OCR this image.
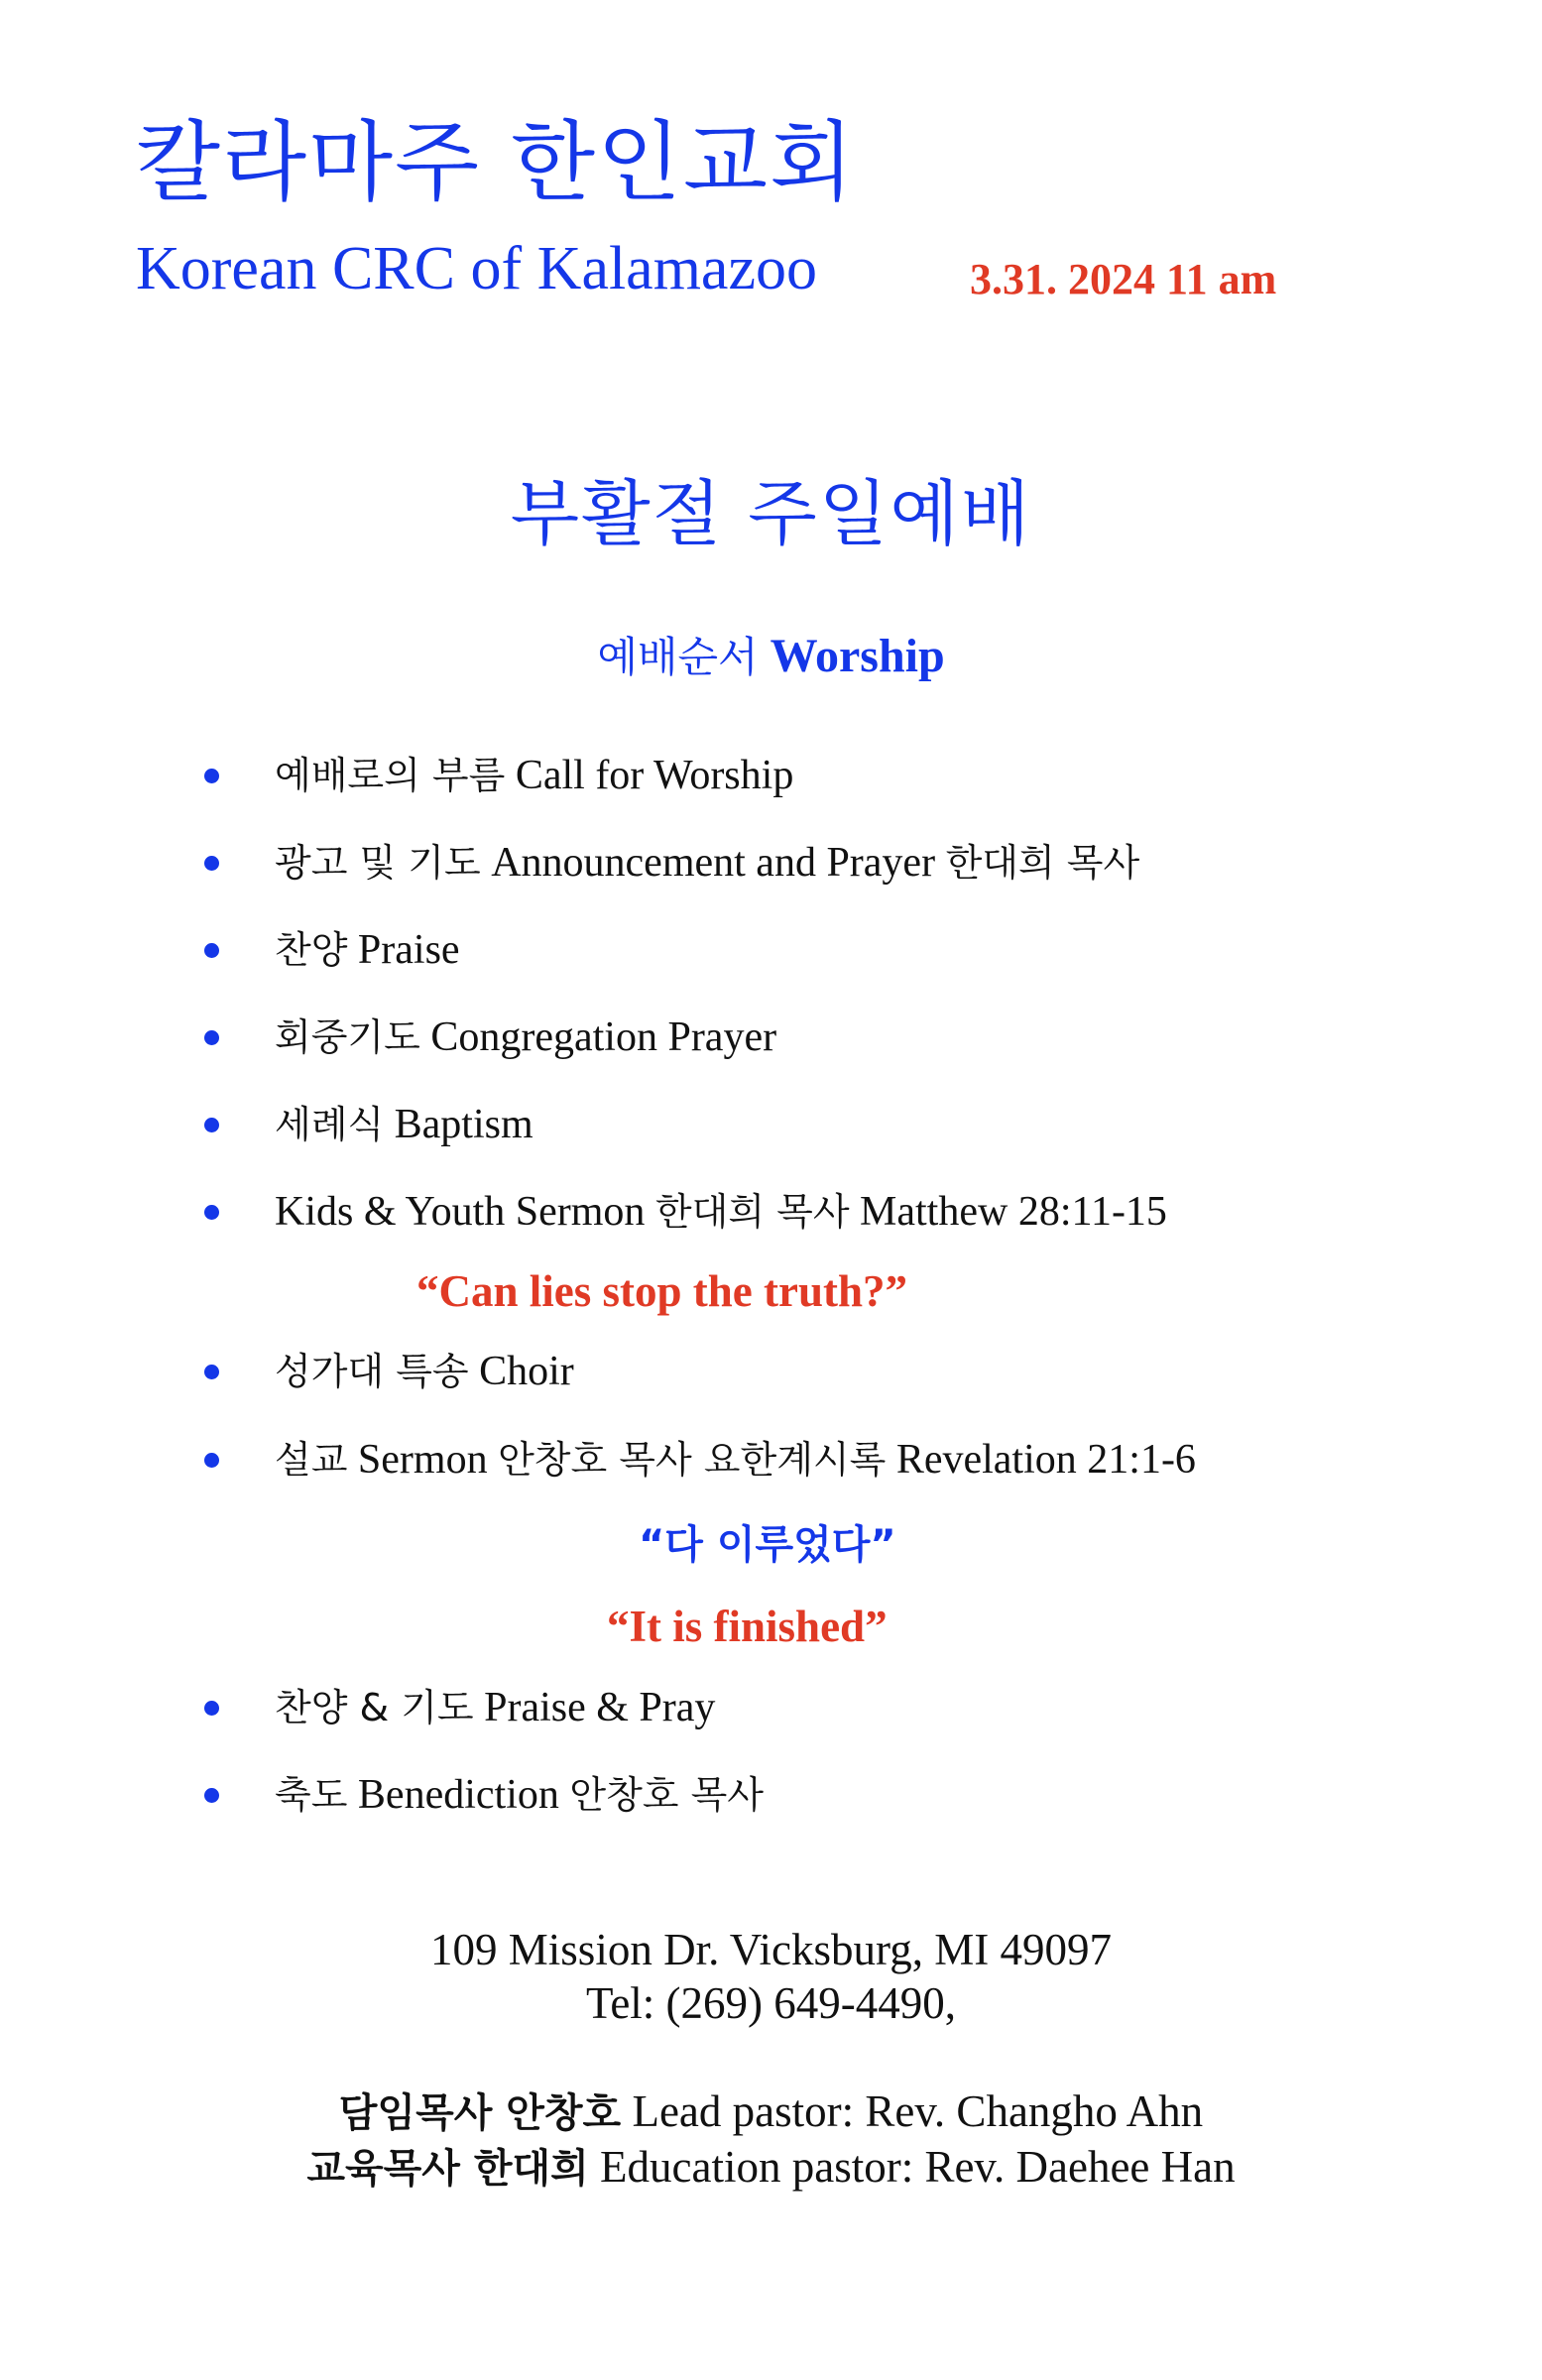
칼라마주 한인교회
Korean CRC of Kalamazoo	3.31. 2024 11 am
부활절 주일예배
예배순서 Worship
예배로의 부름 Call for Worship
광고 및 기도 Announcement and Prayer 한대희 목사
찬양 Praise
회중기도 Congregation Prayer
세례식 Baptism
Kids & Youth Sermon 한대희 목사 Matthew 28:11-15
“Can lies stop the truth?”
성가대 특송 Choir
설교 Sermon 안창호 목사 요한계시록 Revelation 21:1-6
“다 이루었다”
“It is finished”
찬양 & 기도 Praise & Pray
축도 Benediction 안창호 목사
109 Mission Dr. Vicksburg, MI 49097
Tel: (269) 649-4490,
담임목사 안창호 Lead pastor: Rev. Changho Ahn
교육목사 한대희 Education pastor: Rev. Daehee Han
